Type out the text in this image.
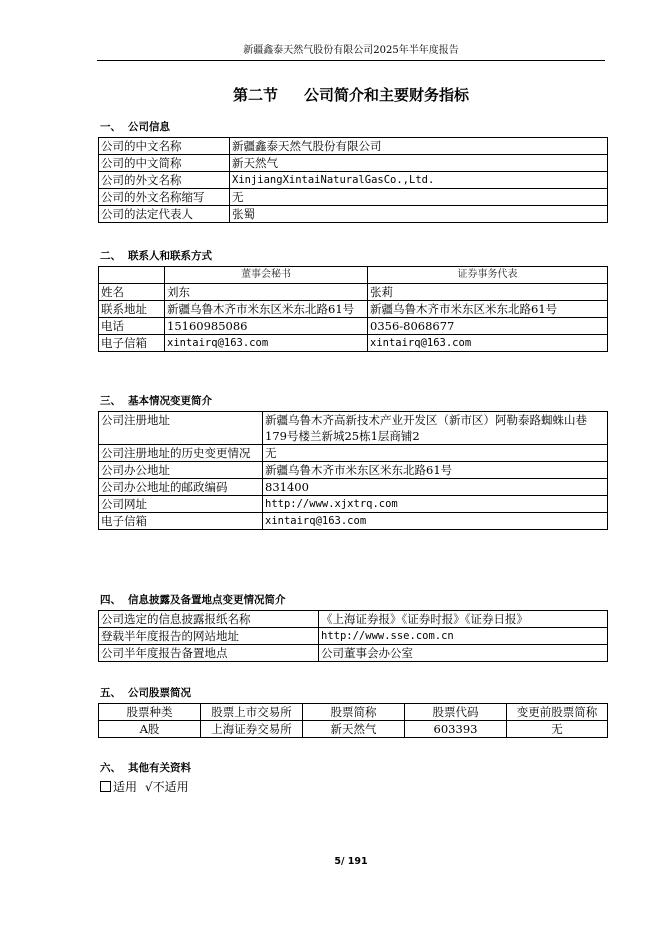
新疆鑫泰天然气股份有限公司2025年半年度报告
第二节 公司简介和主要财务指标
一、 公司信息
公司的中文名称	新疆鑫泰天然气股份有限公司
公司的中文简称	新天然气
公司的外文名称	XinjiangXintaiNaturalGasCo.,Ltd.
公司的外文名称缩写	无
公司的法定代表人	张蜀
二、 联系人和联系方式
	董事会秘书	证券事务代表
姓名	刘东	张莉
联系地址	新疆乌鲁木齐市米东区米东北路61号	新疆乌鲁木齐市米东区米东北路61号
电话	15160985086	0356-8068677
电子信箱	xintairq@163.com	xintairq@163.com
三、 基本情况变更简介
公司注册地址	新疆乌鲁木齐高新技术产业开发区（新市区）阿勒泰路蜘蛛山巷179号楼兰新城25栋1层商铺2
公司注册地址的历史变更情况	无
公司办公地址	新疆乌鲁木齐市米东区米东北路61号
公司办公地址的邮政编码	831400
公司网址	http://www.xjxtrq.com
电子信箱	xintairq@163.com
四、 信息披露及备置地点变更情况简介
公司选定的信息披露报纸名称	《上海证券报》《证券时报》《证券日报》
登载半年度报告的网站地址	http://www.sse.com.cn
公司半年度报告备置地点	公司董事会办公室
五、 公司股票简况
股票种类	股票上市交易所	股票简称	股票代码	变更前股票简称
A股	上海证券交易所	新天然气	603393	无
六、 其他有关资料
适用 √不适用
5/ 191
